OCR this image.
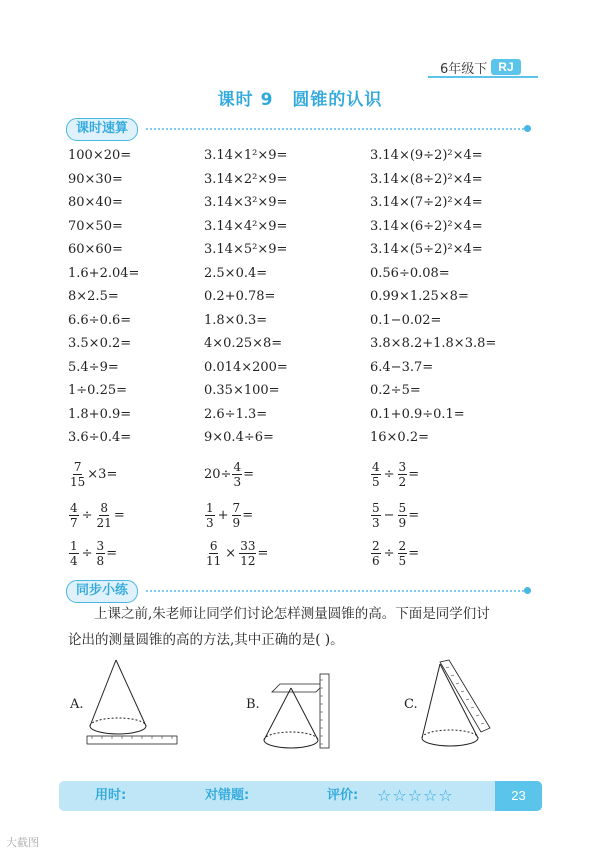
6年级下 RJ
课时 9 圆锥的认识
课时速算
100×20=	3.14×1²×9=	3.14×(9÷2)²×4=
90×30=	3.14×2²×9=	3.14×(8÷2)²×4=
80×40=	3.14×3²×9=	3.14×(7÷2)²×4=
70×50=	3.14×4²×9=	3.14×(6÷2)²×4=
60×60=	3.14×5²×9=	3.14×(5÷2)²×4=
1.6+2.04=	2.5×0.4=	0.56÷0.08=
8×2.5=	0.2+0.78=	0.99×1.25×8=
6.6÷0.6=	1.8×0.3=	0.1−0.02=
3.5×0.2=	4×0.25×8=	3.8×8.2+1.8×3.8=
5.4÷9=	0.014×200=	6.4−3.7=
1÷0.25=	0.35×100=	0.2÷5=
1.8+0.9=	2.6÷1.3=	0.1+0.9÷0.1=
3.6÷0.4=	9×0.4÷6=	16×0.2=
$\frac{7}{15} \times 3=$	$20\div \frac{4}{3}$ =	$\frac{4}{5} \div \frac{3}{2}$ =
$\frac{4}{7} \div \frac{8}{21}$ =	$\frac{1}{3} + \frac{7}{9}$ =	$\frac{5}{3} - \frac{5}{9}$ =
$\frac{1}{4} \div \frac{3}{8}$ =	$\frac{6}{11} \times \frac{33}{12}$ =	$\frac{2}{6} \div \frac{2}{5}$ =
同步小练
上课之前,朱老师让同学们讨论怎样测量圆锥的高。下面是同学们讨
论出的测量圆锥的高的方法,其中正确的是( )。
A.	B.	C.
用时:	对错题:	评价: ☆☆☆☆☆	23
大截图
